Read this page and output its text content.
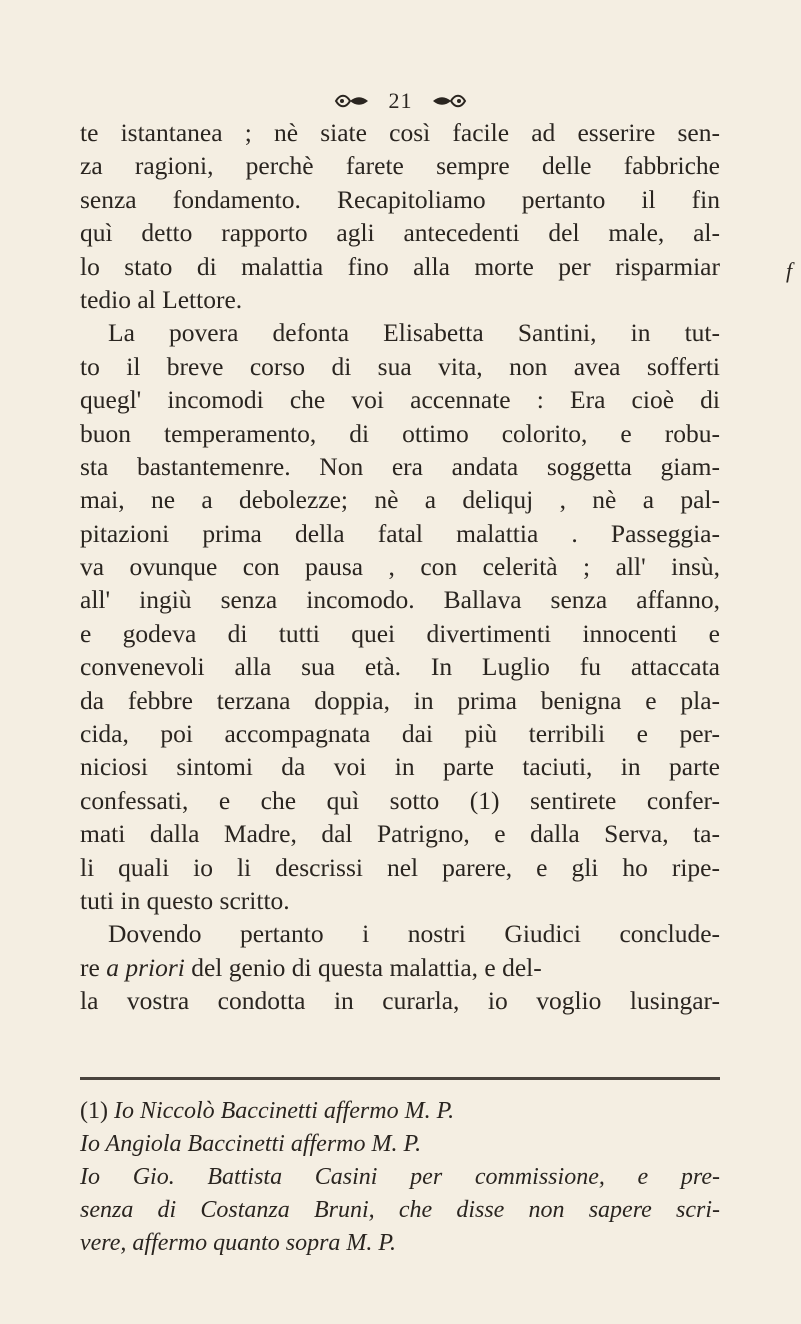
21
te istantanea ; nè siate così facile ad esserire sen-
za ragioni, perchè farete sempre delle fabbriche
senza fondamento. Recapitoliamo pertanto il fin
quì detto rapporto agli antecedenti del male, al-
lo stato di malattia fino alla morte per risparmiar
tedio al Lettore.
La povera defonta Elisabetta Santini, in tut-
to il breve corso di sua vita, non avea sofferti
quegl' incomodi che voi accennate : Era cioè di
buon temperamento, di ottimo colorito, e robu-
sta bastantemenre. Non era andata soggetta giam-
mai, ne a debolezze; nè a deliquj , nè a pal-
pitazioni prima della fatal malattia . Passeggia-
va ovunque con pausa , con celerità ; all' insù,
all' ingiù senza incomodo. Ballava senza affanno,
e godeva di tutti quei divertimenti innocenti e
convenevoli alla sua età. In Luglio fu attaccata
da febbre terzana doppia, in prima benigna e pla-
cida, poi accompagnata dai più terribili e per-
niciosi sintomi da voi in parte taciuti, in parte
confessati, e che quì sotto (1) sentirete confer-
mati dalla Madre, dal Patrigno, e dalla Serva, ta-
li quali io li descrissi nel parere, e gli ho ripe-
tuti in questo scritto.
Dovendo pertanto i nostri Giudici conclude-
re a priori del genio di questa malattia, e del-
la vostra condotta in curarla, io voglio lusingar-
f
(1) Io Niccolò Baccinetti affermo M. P.
Io Angiola Baccinetti affermo M. P.
Io Gio. Battista Casini per commissione, e pre-
senza di Costanza Bruni, che disse non sapere scri-
vere, affermo quanto sopra M. P.
